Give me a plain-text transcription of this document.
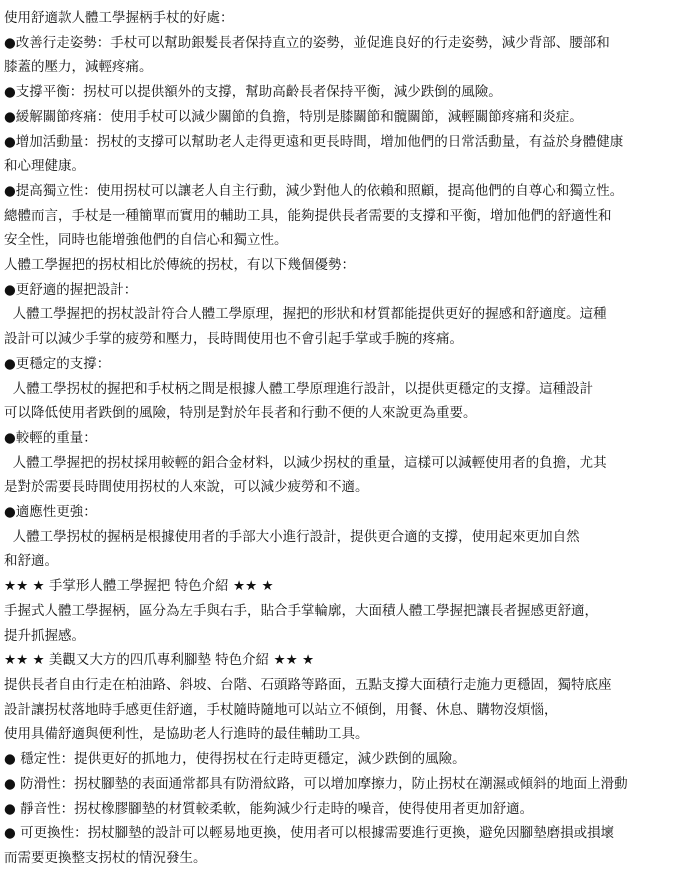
使用舒適款人體工學握柄手杖的好處：

●改善行走姿勢：手杖可以幫助銀髮長者保持直立的姿勢，並促進良好的行走姿勢，減少背部、腰部和

膝蓋的壓力，減輕疼痛。

●支撐平衡：拐杖可以提供額外的支撐，幫助高齡長者保持平衡，減少跌倒的風險。

●緩解關節疼痛：使用手杖可以減少關節的負擔，特別是膝關節和髖關節，減輕關節疼痛和炎症。

●增加活動量：拐杖的支撐可以幫助老人走得更遠和更長時間，增加他們的日常活動量，有益於身體健康

和心理健康。

●提高獨立性：使用拐杖可以讓老人自主行動，減少對他人的依賴和照顧，提高他們的自尊心和獨立性。

總體而言，手杖是一種簡單而實用的輔助工具，能夠提供長者需要的支撐和平衡，增加他們的舒適性和

安全性，同時也能增強他們的自信心和獨立性。

人體工學握把的拐杖相比於傳統的拐杖，有以下幾個優勢：

●更舒適的握把設計：

人體工學握把的拐杖設計符合人體工學原理，握把的形狀和材質都能提供更好的握感和舒適度。這種

設計可以減少手掌的疲勞和壓力，長時間使用也不會引起手掌或手腕的疼痛。

●更穩定的支撐：

人體工學拐杖的握把和手杖柄之間是根據人體工學原理進行設計，以提供更穩定的支撐。這種設計

可以降低使用者跌倒的風險，特別是對於年長者和行動不便的人來說更為重要。

●較輕的重量：

人體工學握把的拐杖採用較輕的鋁合金材料，以減少拐杖的重量，這樣可以減輕使用者的負擔，尤其

是對於需要長時間使用拐杖的人來說，可以減少疲勞和不適。

●適應性更強：

人體工學拐杖的握柄是根據使用者的手部大小進行設計，提供更合適的支撐，使用起來更加自然

和舒適。

★★ ★ 手掌形人體工學握把 特色介紹 ★★ ★

手握式人體工學握柄，區分為左手與右手，貼合手掌輪廓，大面積人體工學握把讓長者握感更舒適，

提升抓握感。

★★ ★ 美觀又大方的四爪專利腳墊 特色介紹 ★★ ★

提供長者自由行走在柏油路、斜坡、台階、石頭路等路面，五點支撐大面積行走施力更穩固，獨特底座

設計讓拐杖落地時手感更佳舒適，手杖隨時隨地可以站立不傾倒，用餐、休息、購物沒煩惱，

使用具備舒適與便利性，是協助老人行進時的最佳輔助工具。

● 穩定性：提供更好的抓地力，使得拐杖在行走時更穩定，減少跌倒的風險。

● 防滑性：拐杖腳墊的表面通常都具有防滑紋路，可以增加摩擦力，防止拐杖在潮濕或傾斜的地面上滑動

● 靜音性：拐杖橡膠腳墊的材質較柔軟，能夠減少行走時的噪音，使得使用者更加舒適。

● 可更換性：拐杖腳墊的設計可以輕易地更換，使用者可以根據需要進行更換，避免因腳墊磨損或損壞

而需要更換整支拐杖的情況發生。
